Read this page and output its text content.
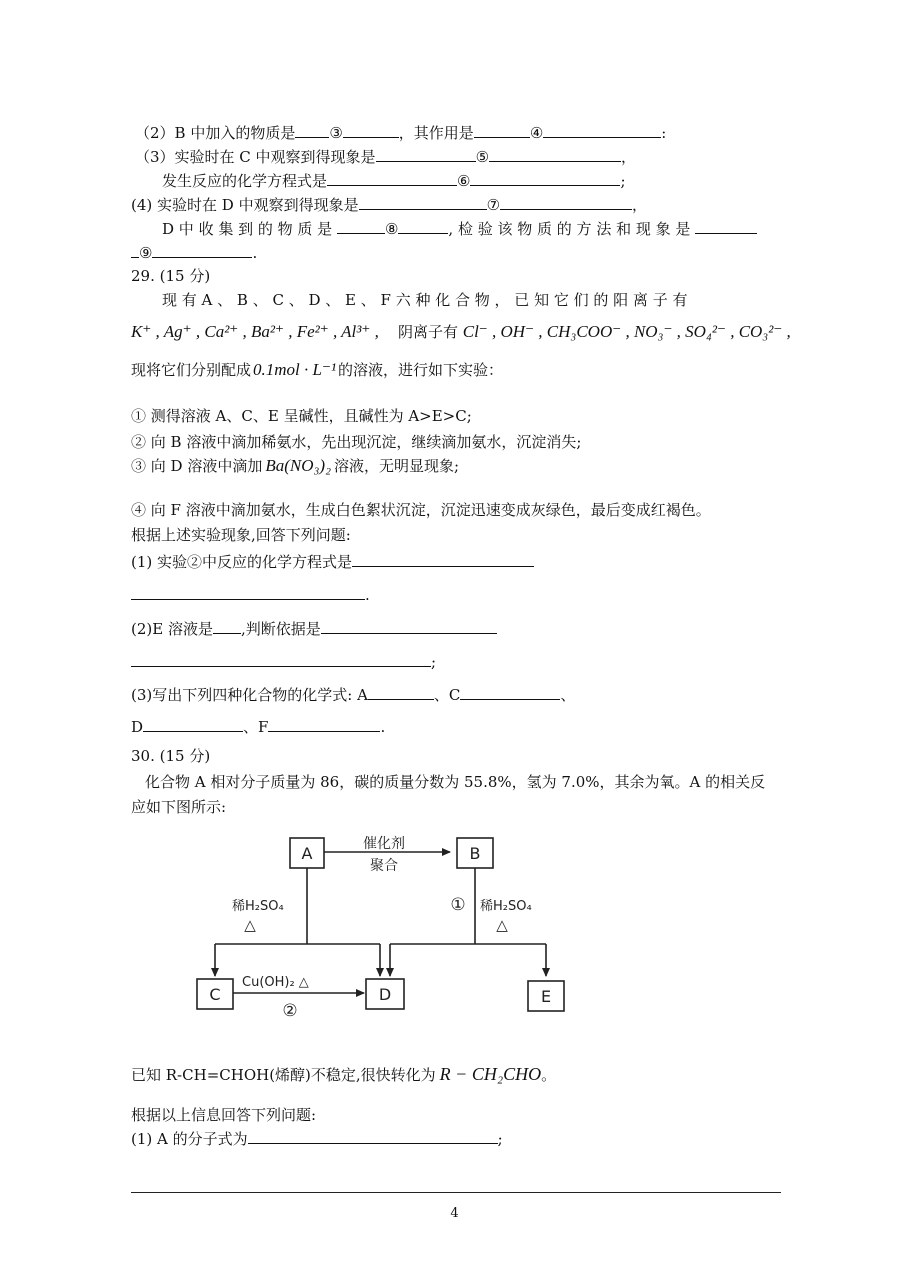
（2）B 中加入的物质是 ③	，其作用是	④	:
（3）实验时在 C 中观察到得现象是	⑤	，
发生反应的化学方程式是	⑥	;
(4) 实验时在 D 中观察到得现象是	⑦	，
D 中 收 集 到 的 物 质 是	⑧	, 检 验 该 物 质 的 方 法 和 现 象 是
⑨	.
29. (15 分)
现 有 A 、 B 、 C 、 D 、 E 、 F 六 种 化 合 物 ， 已 知 它 们 的 阳 离 子 有
K⁺ , Ag⁺ , Ca²⁺ , Ba²⁺ , Fe²⁺ , Al³⁺ , 阴离子有 Cl⁻ , OH⁻ , CH₃COO⁻ , NO₃⁻ , SO₄²⁻ , CO₃²⁻ ,
现将它们分别配成 0.1mol · L⁻¹ 的溶液，进行如下实验：
① 测得溶液 A、C、E 呈碱性，且碱性为 A>E>C;
② 向 B 溶液中滴加稀氨水，先出现沉淀，继续滴加氨水，沉淀消失;
③ 向 D 溶液中滴加 Ba(NO₃)₂ 溶液，无明显现象;
④ 向 F 溶液中滴加氨水，生成白色絮状沉淀，沉淀迅速变成灰绿色，最后变成红褐色。
根据上述实验现象,回答下列问题:
(1) 实验②中反应的化学方程式是
.
(2)E 溶液是 ,判断依据是
;
(3)写出下列四种化合物的化学式: A	、C	、
D	、F	.
30. (15 分)
化合物 A 相对分子质量为 86，碳的质量分数为 55.8%，氢为 7.0%，其余为氧。A 的相关反
应如下图所示:
A	B
C	D	E
催化剂
聚合
稀H₂SO₄
△
① 稀H₂SO₄
△
Cu(OH)₂ △
②
已知 R-CH=CHOH(烯醇)不稳定,很快转化为 R − CH₂CHO。
根据以上信息回答下列问题:
(1) A 的分子式为	;
4
